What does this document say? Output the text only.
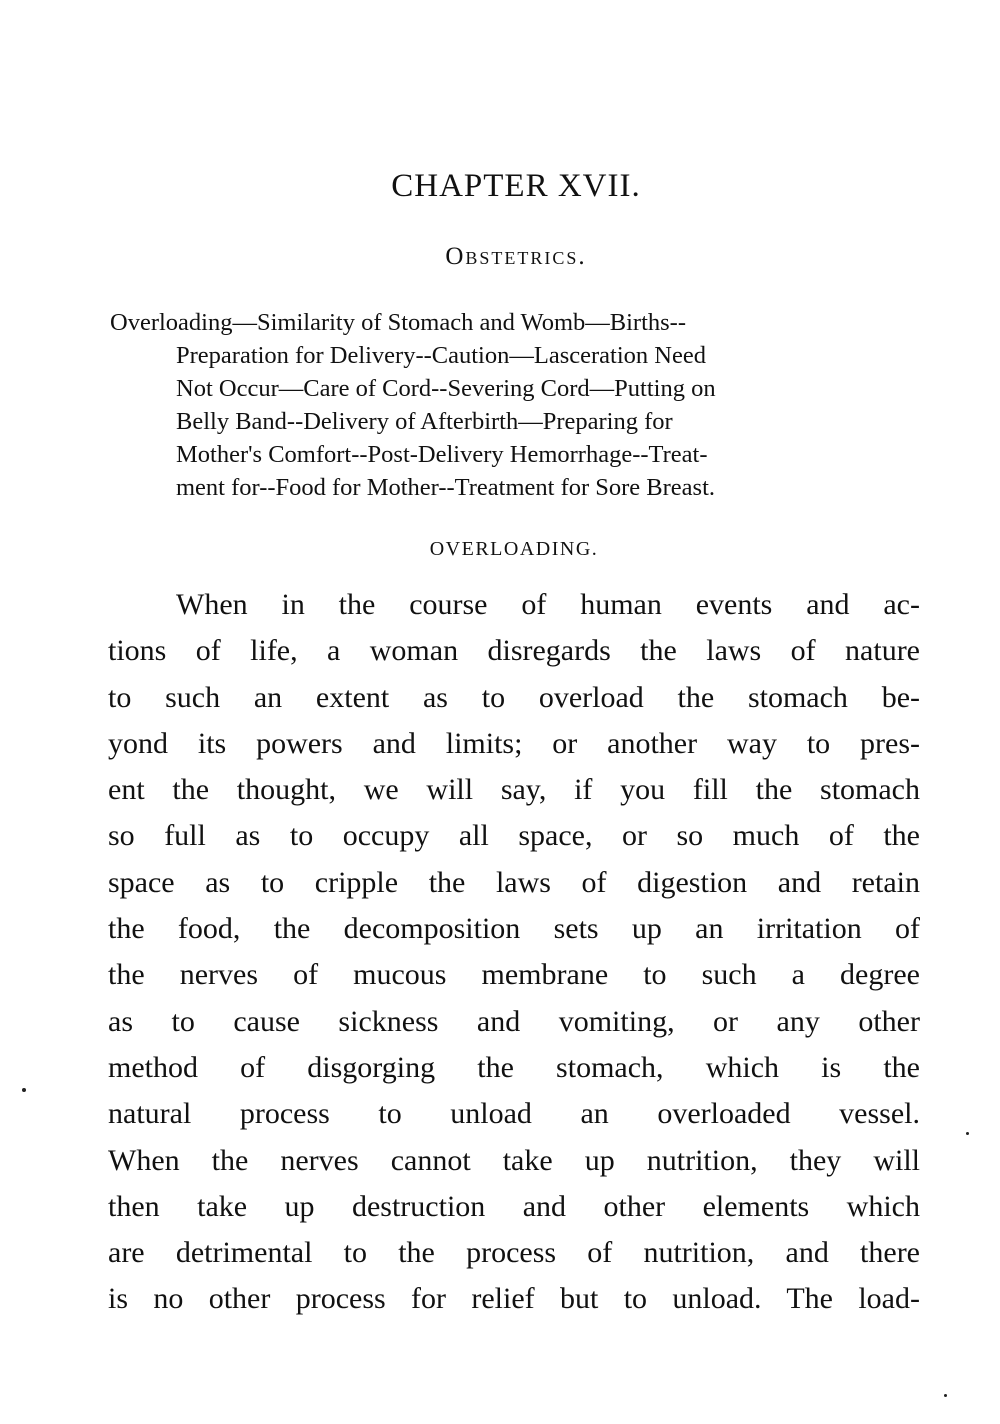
CHAPTER XVII.
Obstetrics.
Overloading—Similarity of Stomach and Womb—Births--
Preparation for Delivery--Caution—Lasceration Need
Not Occur—Care of Cord--Severing Cord—Putting on
Belly Band--Delivery of Afterbirth—Preparing for
Mother's Comfort--Post-Delivery Hemorrhage--Treat-
ment for--Food for Mother--Treatment for Sore Breast.
OVERLOADING.
When in the course of human events and ac-
tions of life, a woman disregards the laws of nature
to such an extent as to overload the stomach be-
yond its powers and limits; or another way to pres-
ent the thought, we will say, if you fill the stomach
so full as to occupy all space, or so much of the
space as to cripple the laws of digestion and retain
the food, the decomposition sets up an irritation of
the nerves of mucous membrane to such a degree
as to cause sickness and vomiting, or any other
method of disgorging the stomach, which is the
natural process to unload an overloaded vessel.
When the nerves cannot take up nutrition, they will
then take up destruction and other elements which
are detrimental to the process of nutrition, and there
is no other process for relief but to unload. The load-
